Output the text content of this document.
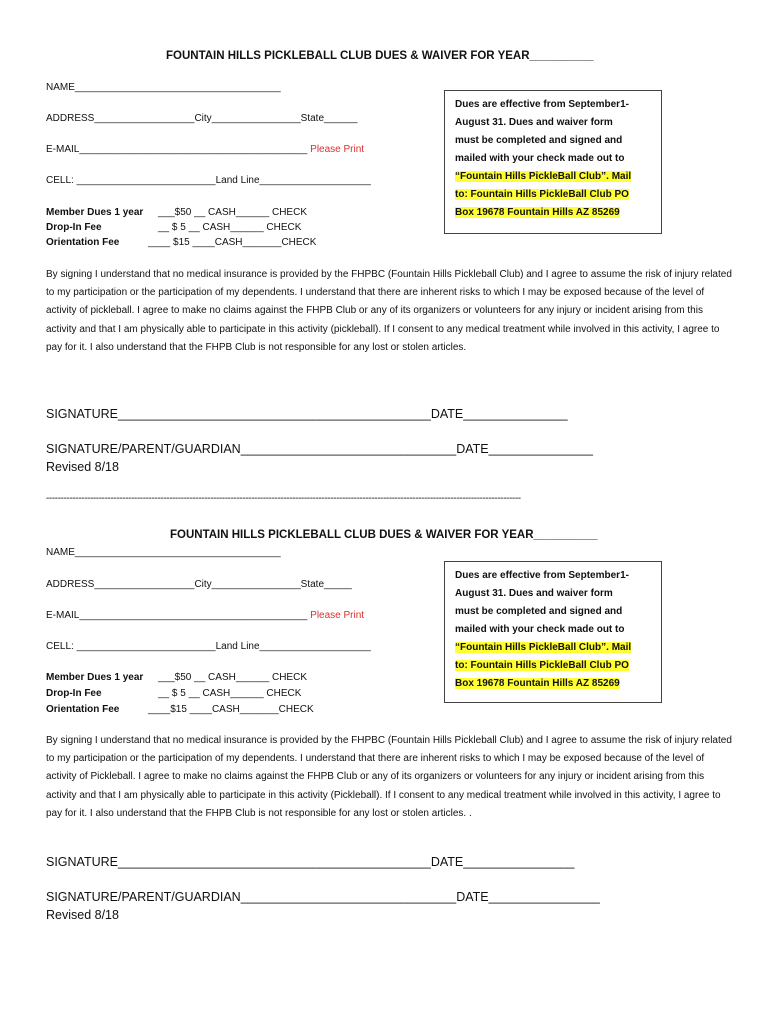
FOUNTAIN HILLS PICKLEBALL CLUB DUES & WAIVER FOR YEAR__________
NAME_____________________________________
ADDRESS__________________City________________State______
E-MAIL_________________________________________ Please Print
CELL: _________________________Land Line____________________
Member Dues 1 year ___$50 __ CASH______ CHECK
Drop-In Fee	__ $ 5 __ CASH______ CHECK
Orientation Fee	____ $15 ____CASH_______CHECK
Dues are effective from September1-
August 31. Dues and waiver form
must be completed and signed and
mailed with your check made out to
“Fountain Hills PickleBall Club”. Mail
to: Fountain Hills PickleBall Club PO
Box 19678 Fountain Hills AZ 85269
By signing I understand that no medical insurance is provided by the FHPBC (Fountain Hills Pickleball Club) and I agree to assume the risk of injury related to my participation or the participation of my dependents. I understand that there are inherent risks to which I may be exposed because of the level of activity of pickleball. I agree to make no claims against the FHPB Club or any of its organizers or volunteers for any injury or incident arising from this activity and that I am physically able to participate in this activity (pickleball). If I consent to any medical treatment while involved in this activity, I agree to pay for it. I also understand that the FHPB Club is not responsible for any lost or stolen articles.
SIGNATURE_____________________________________________DATE_______________
SIGNATURE/PARENT/GUARDIAN_______________________________DATE_______________
Revised 8/18
------------------------------------------------------------------------------------------------------------------------------------------------------------------
FOUNTAIN HILLS PICKLEBALL CLUB DUES & WAIVER FOR YEAR__________
NAME_____________________________________
ADDRESS__________________City________________State_____
E-MAIL_________________________________________ Please Print
CELL: _________________________Land Line____________________
Member Dues 1 year ___$50 __ CASH______ CHECK
Drop-In Fee	__ $ 5 __ CASH______ CHECK
Orientation Fee	____$15 ____CASH_______CHECK
Dues are effective from September1-
August 31. Dues and waiver form
must be completed and signed and
mailed with your check made out to
“Fountain Hills PickleBall Club”. Mail
to: Fountain Hills PickleBall Club PO
Box 19678 Fountain Hills AZ 85269
By signing I understand that no medical insurance is provided by the FHPBC (Fountain Hills Pickleball Club) and I agree to assume the risk of injury related to my participation or the participation of my dependents. I understand that there are inherent risks to which I may be exposed because of the level of activity of Pickleball. I agree to make no claims against the FHPB Club or any of its organizers or volunteers for any injury or incident arising from this activity and that I am physically able to participate in this activity (Pickleball). If I consent to any medical treatment while involved in this activity, I agree to pay for it. I also understand that the FHPB Club is not responsible for any lost or stolen articles. .
SIGNATURE_____________________________________________DATE________________
SIGNATURE/PARENT/GUARDIAN_______________________________DATE________________
Revised 8/18
